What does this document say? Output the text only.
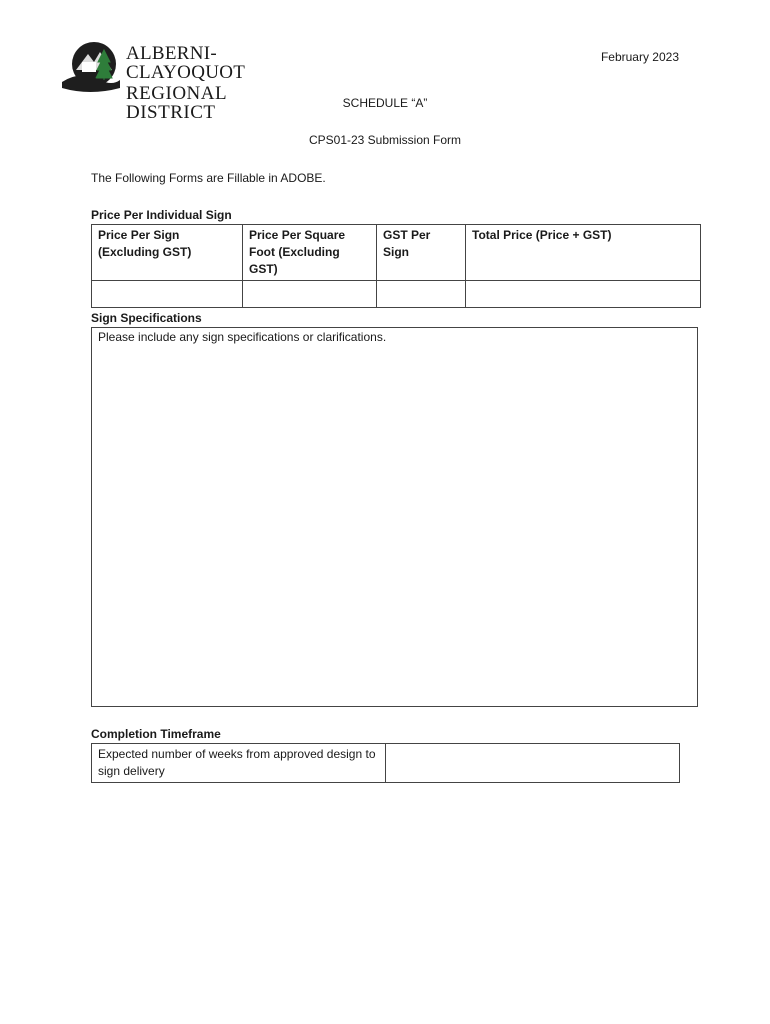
ALBERNI-CLAYOQUOT
REGIONAL DISTRICT
February 2023
SCHEDULE “A”
CPS01-23 Submission Form
The Following Forms are Fillable in ADOBE.
Price Per Individual Sign
Price Per Sign (Excluding GST)	Price Per Square Foot (Excluding GST)	GST Per Sign	Total Price (Price + GST)

Sign Specifications
Please include any sign specifications or clarifications.
Completion Timeframe
Expected number of weeks from approved design to sign delivery	
